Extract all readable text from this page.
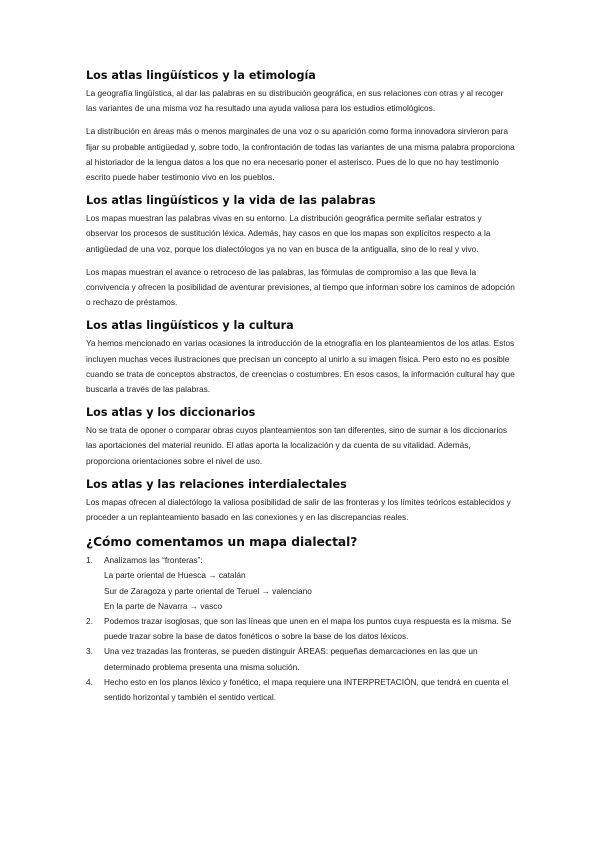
Los atlas lingüísticos y la etimología

La geografía lingüística, al dar las palabras en su distribución geográfica, en sus relaciones con otras y al recoger las variantes de una misma voz ha resultado una ayuda valiosa para los estudios etimológicos.

La distribución en áreas más o menos marginales de una voz o su aparición como forma innovadora sirvieron para fijar su probable antigüedad y, sobre todo, la confrontación de todas las variantes de una misma palabra proporciona al historiador de la lengua datos a los que no era necesario poner el asterisco. Pues de lo que no hay testimonio escrito puede haber testimonio vivo en los pueblos.

Los atlas lingüísticos y la vida de las palabras

Los mapas muestran las palabras vivas en su entorno. La distribución geográfica permite señalar estratos y observar los procesos de sustitución léxica. Además, hay casos en que los mapas son explícitos respecto a la antigüedad de una voz, porque los dialectólogos ya no van en busca de la antigualla, sino de lo real y vivo.

Los mapas muestran el avance o retroceso de las palabras, las fórmulas de compromiso a las que lleva la convivencia y ofrecen la posibilidad de aventurar previsiones, al tiempo que informan sobre los caminos de adopción o rechazo de préstamos.

Los atlas lingüísticos y la cultura

Ya hemos mencionado en varias ocasiones la introducción de la etnografía en los planteamientos de los atlas. Estos incluyen muchas veces ilustraciones que precisan un concepto al unirlo a su imagen física. Pero esto no es posible cuando se trata de conceptos abstractos, de creencias o costumbres. En esos casos, la información cultural hay que buscarla a través de las palabras.

Los atlas y los diccionarios

No se trata de oponer o comparar obras cuyos planteamientos son tan diferentes, sino de sumar a los diccionarios las aportaciones del material reunido. El atlas aporta la localización y da cuenta de su vitalidad. Además, proporciona orientaciones sobre el nivel de uso.

Los atlas y las relaciones interdialectales

Los mapas ofrecen al dialectólogo la valiosa posibilidad de salir de las fronteras y los límites teóricos establecidos y proceder a un replanteamiento basado en las conexiones y en las discrepancias reales.

¿Cómo comentamos un mapa dialectal?
1. Analizamos las “fronteras”:
La parte oriental de Huesca → catalán
Sur de Zaragoza y parte oriental de Teruel → valenciano
En la parte de Navarra → vasco
2. Podemos trazar isoglosas, que son las líneas que unen en el mapa los puntos cuya respuesta es la misma. Se puede trazar sobre la base de datos fonéticos o sobre la base de los datos léxicos.
3. Una vez trazadas las fronteras, se pueden distinguir ÁREAS: pequeñas demarcaciones en las que un determinado problema presenta una misma solución.
4. Hecho esto en los planos léxico y fonético, el mapa requiere una INTERPRETACIÓN, que tendrá en cuenta el sentido horizontal y también el sentido vertical.
